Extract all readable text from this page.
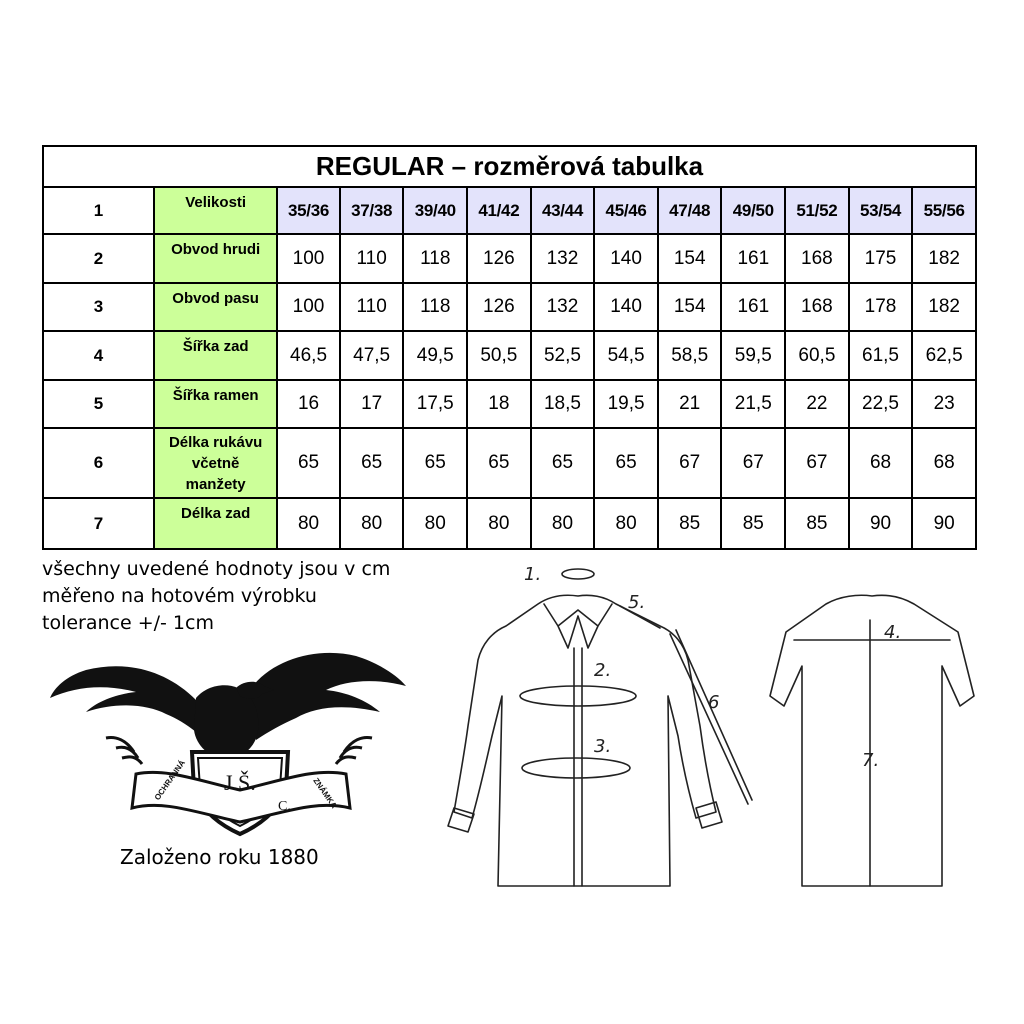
REGULAR – rozměrová tabulka												
1	Velikosti	35/36	37/38	39/40	41/42	43/44	45/46	47/48	49/50	51/52	53/54	55/56
2	Obvod hrudi	100	110	118	126	132	140	154	161	168	175	182
3	Obvod pasu	100	110	118	126	132	140	154	161	168	178	182
4	Šířka zad	46,5	47,5	49,5	50,5	52,5	54,5	58,5	59,5	60,5	61,5	62,5
5	Šířka ramen	16	17	17,5	18	18,5	19,5	21	21,5	22	22,5	23
6	Délka rukávu
včetně
manžety	65	65	65	65	65	65	67	67	67	68	68
7	Délka zad	80	80	80	80	80	80	85	85	85	90	90
všechny uvedené hodnoty jsou v cm
měřeno na hotovém výrobku
tolerance +/- 1cm
OCHRANNÁ J.Š.	ZNÁMKA
C.
Založeno roku 1880
1.
2.
3.
4.
5.
6
7.
